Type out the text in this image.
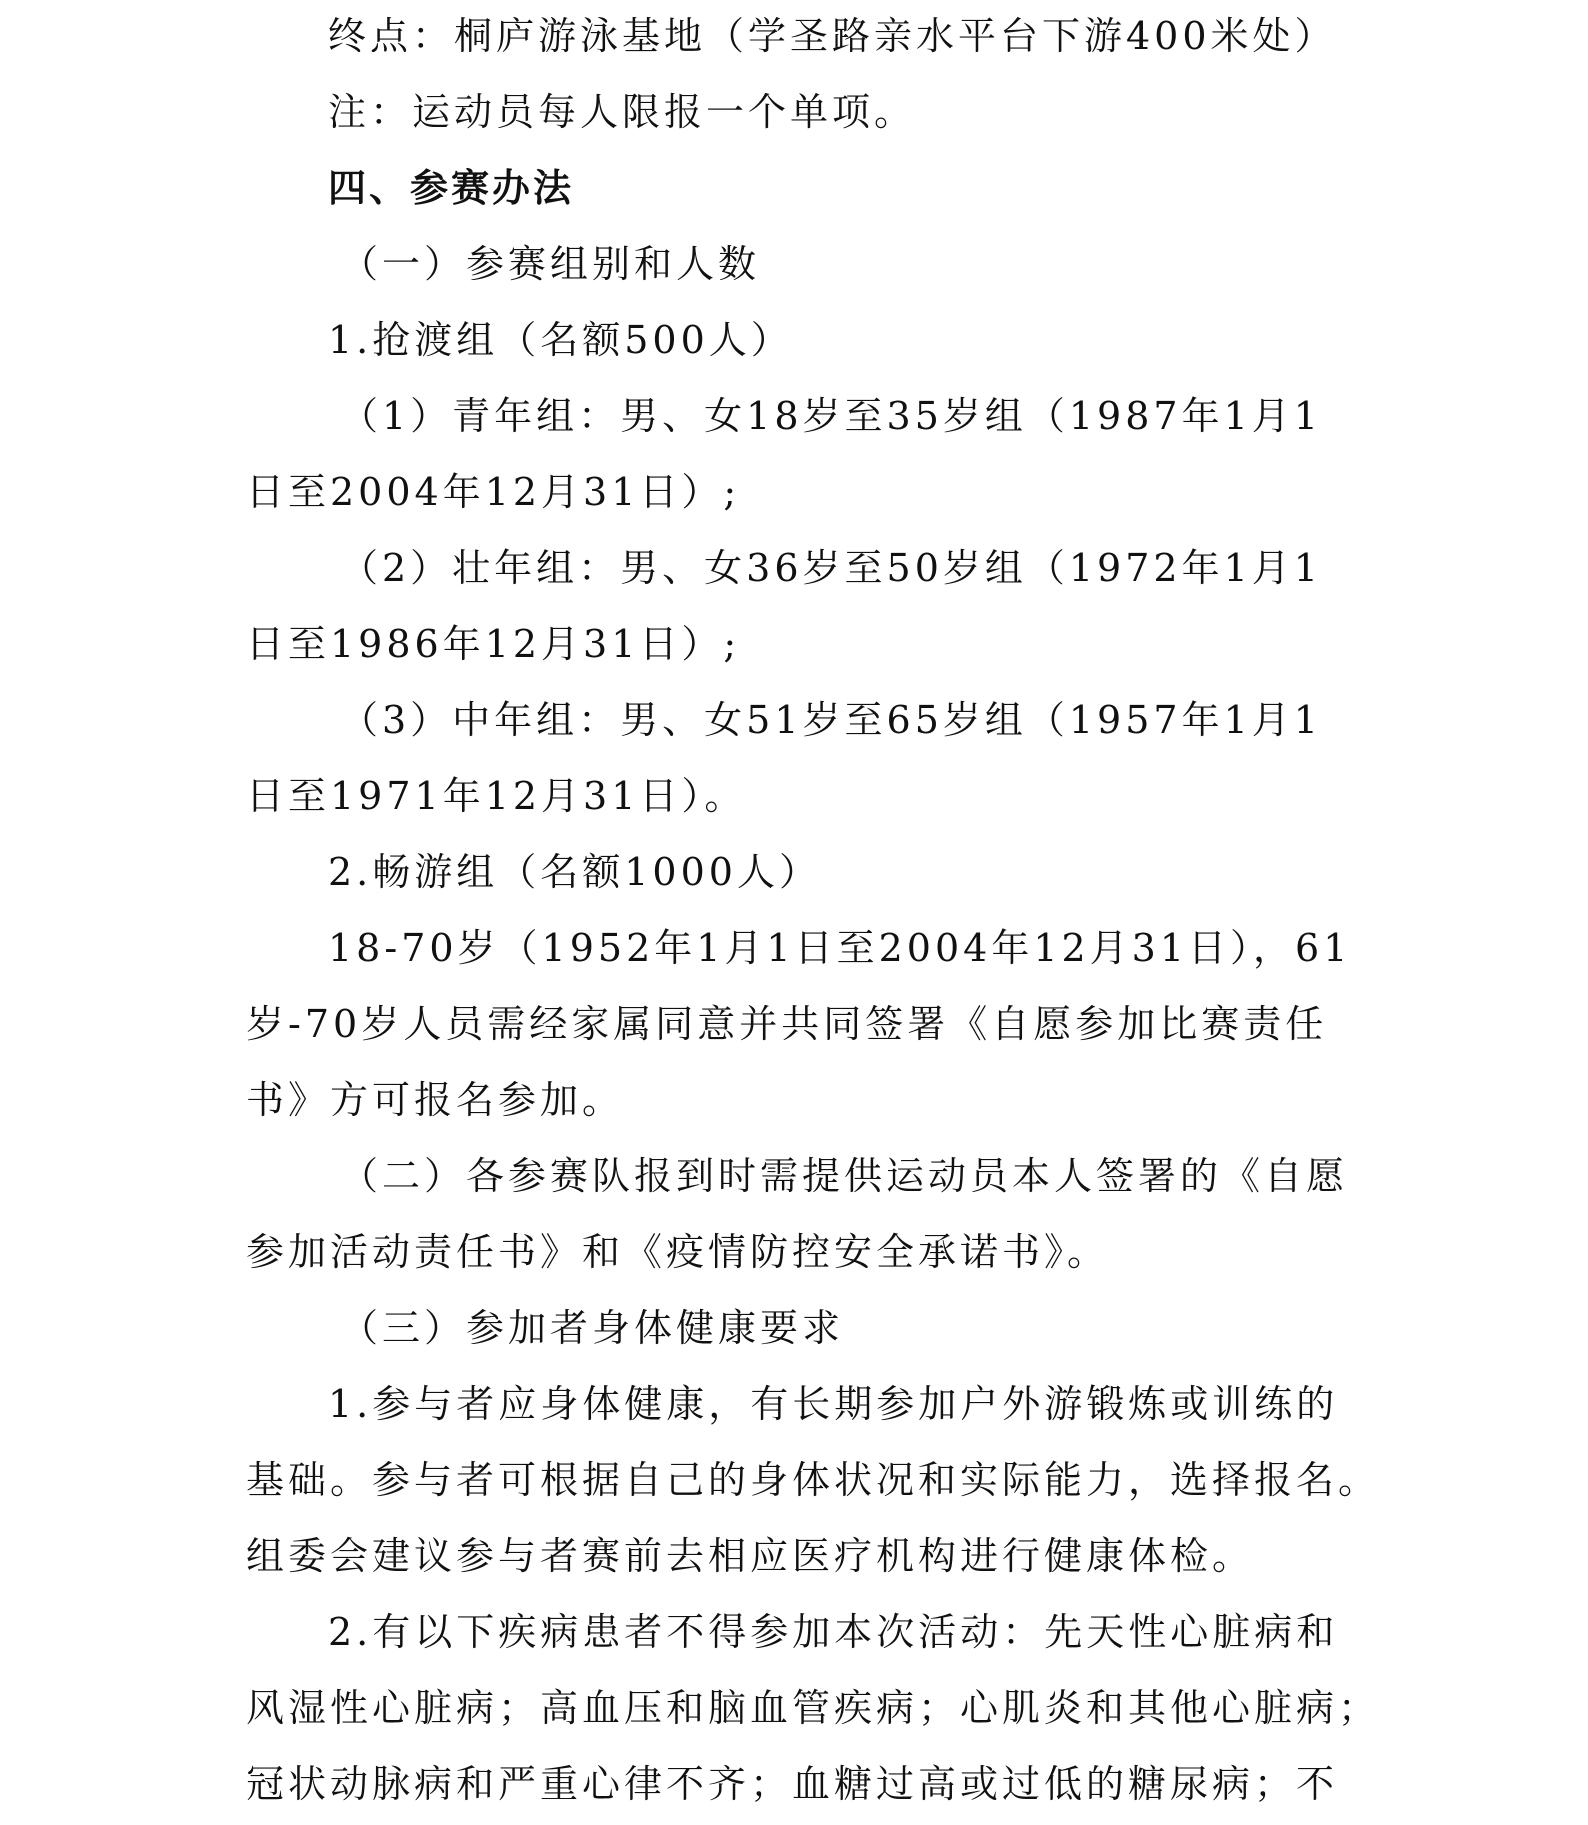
终点：桐庐游泳基地（学圣路亲水平台下游400米处）
注：运动员每人限报一个单项。
四、参赛办法
（一）参赛组别和人数
1.抢渡组（名额500人）
（1）青年组：男、女18岁至35岁组（1987年1月1
日至2004年12月31日）;
（2）壮年组：男、女36岁至50岁组（1972年1月1
日至1986年12月31日）;
（3）中年组：男、女51岁至65岁组（1957年1月1
日至1971年12月31日）。
2.畅游组（名额1000人）
18-70岁（1952年1月1日至2004年12月31日），61
岁-70岁人员需经家属同意并共同签署《自愿参加比赛责任
书》方可报名参加。
（二）各参赛队报到时需提供运动员本人签署的《自愿
参加活动责任书》和《疫情防控安全承诺书》。
（三）参加者身体健康要求
1.参与者应身体健康，有长期参加户外游锻炼或训练的
基础。参与者可根据自己的身体状况和实际能力，选择报名。
组委会建议参与者赛前去相应医疗机构进行健康体检。
2.有以下疾病患者不得参加本次活动：先天性心脏病和
风湿性心脏病；高血压和脑血管疾病；心肌炎和其他心脏病；
冠状动脉病和严重心律不齐；血糖过高或过低的糖尿病；不
